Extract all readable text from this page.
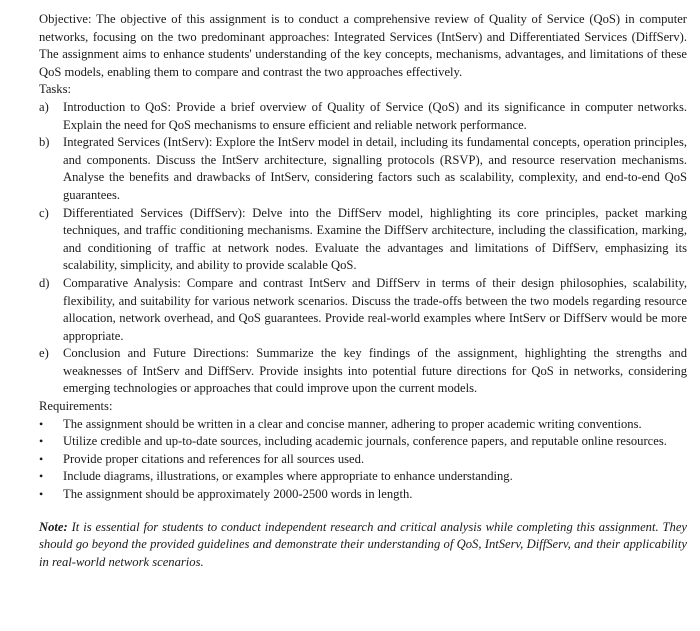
Objective: The objective of this assignment is to conduct a comprehensive review of Quality of Service (QoS) in computer networks, focusing on the two predominant approaches: Integrated Services (IntServ) and Differentiated Services (DiffServ). The assignment aims to enhance students' understanding of the key concepts, mechanisms, advantages, and limitations of these QoS models, enabling them to compare and contrast the two approaches effectively.

Tasks:

a) Introduction to QoS: Provide a brief overview of Quality of Service (QoS) and its significance in computer networks. Explain the need for QoS mechanisms to ensure efficient and reliable network performance.
b) Integrated Services (IntServ): Explore the IntServ model in detail, including its fundamental concepts, operation principles, and components. Discuss the IntServ architecture, signalling protocols (RSVP), and resource reservation mechanisms. Analyse the benefits and drawbacks of IntServ, considering factors such as scalability, complexity, and end-to-end QoS guarantees.
c) Differentiated Services (DiffServ): Delve into the DiffServ model, highlighting its core principles, packet marking techniques, and traffic conditioning mechanisms. Examine the DiffServ architecture, including the classification, marking, and conditioning of traffic at network nodes. Evaluate the advantages and limitations of DiffServ, emphasizing its scalability, simplicity, and ability to provide scalable QoS.
d) Comparative Analysis: Compare and contrast IntServ and DiffServ in terms of their design philosophies, scalability, flexibility, and suitability for various network scenarios. Discuss the trade-offs between the two models regarding resource allocation, network overhead, and QoS guarantees. Provide real-world examples where IntServ or DiffServ would be more appropriate.
e) Conclusion and Future Directions: Summarize the key findings of the assignment, highlighting the strengths and weaknesses of IntServ and DiffServ. Provide insights into potential future directions for QoS in networks, considering emerging technologies or approaches that could improve upon the current models.

Requirements:

• The assignment should be written in a clear and concise manner, adhering to proper academic writing conventions.
• Utilize credible and up-to-date sources, including academic journals, conference papers, and reputable online resources.
• Provide proper citations and references for all sources used.
• Include diagrams, illustrations, or examples where appropriate to enhance understanding.
• The assignment should be approximately 2000-2500 words in length.

Note: It is essential for students to conduct independent research and critical analysis while completing this assignment. They should go beyond the provided guidelines and demonstrate their understanding of QoS, IntServ, DiffServ, and their applicability in real-world network scenarios.
